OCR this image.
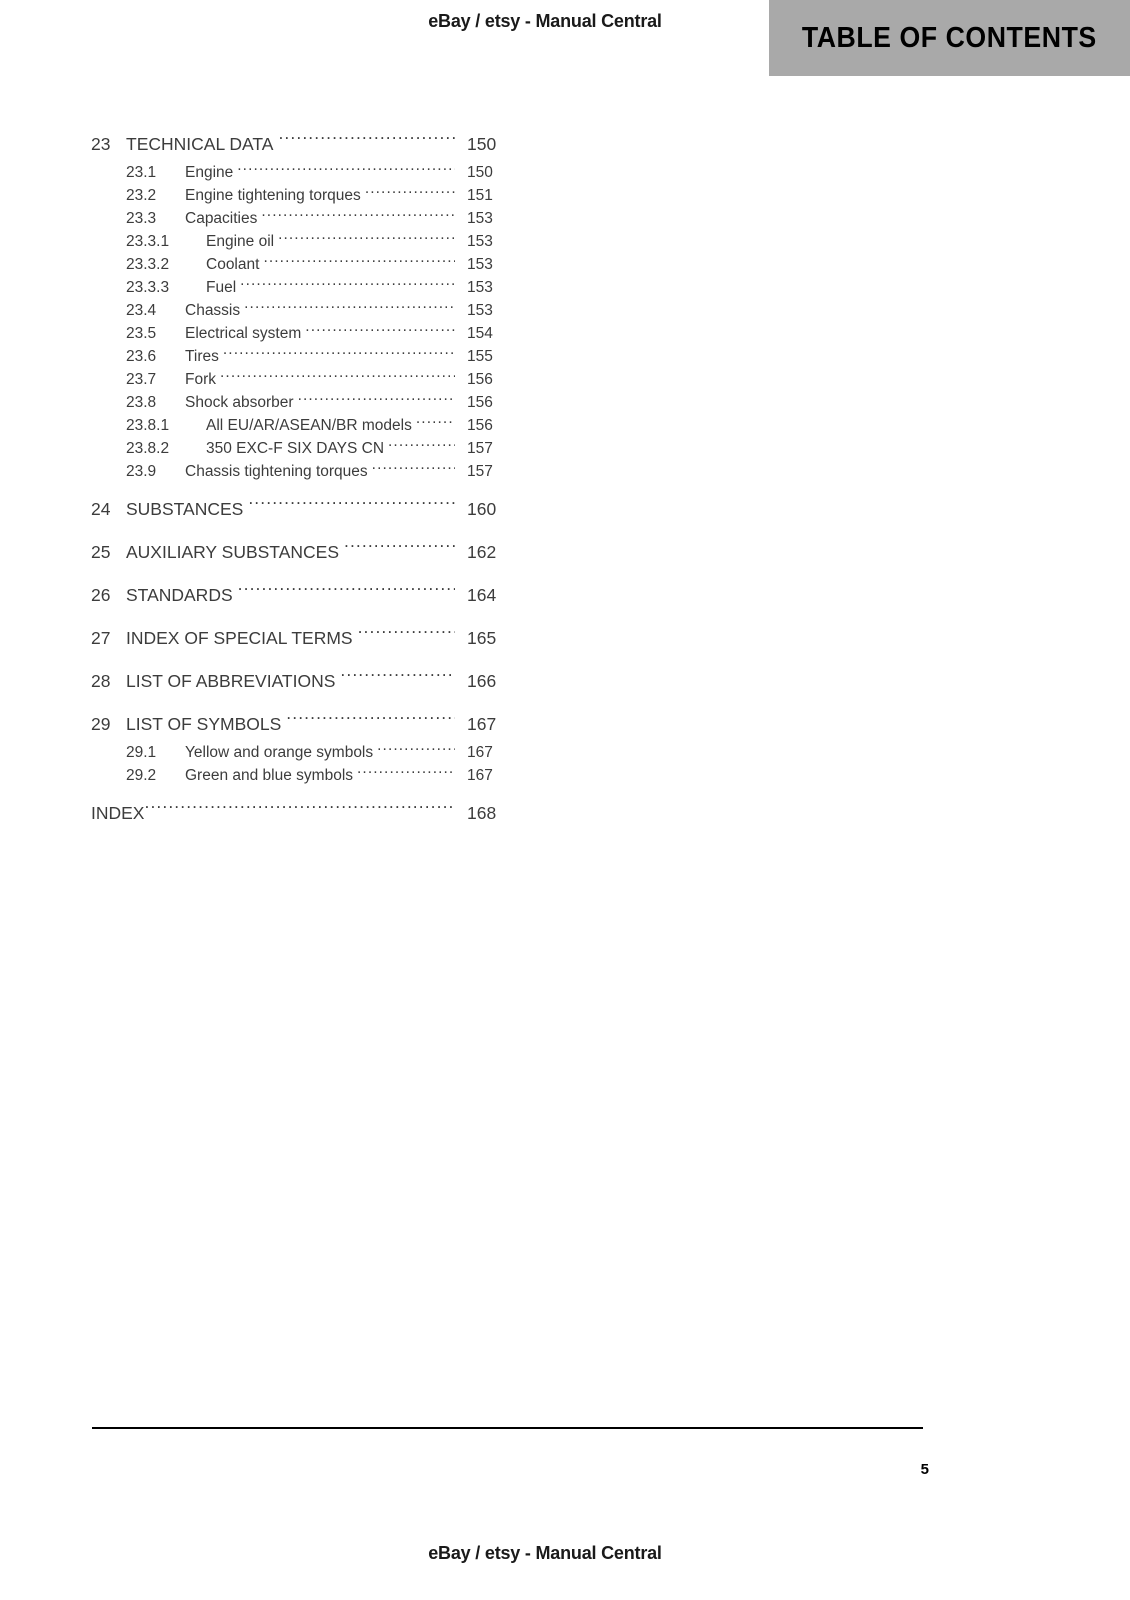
eBay / etsy - Manual Central
TABLE OF CONTENTS
23 TECHNICAL DATA .....	150
23.1	Engine .....	150
23.2	Engine tightening torques .....	151
23.3	Capacities .....	153
23.3.1	Engine oil .....	153
23.3.2	Coolant .....	153
23.3.3	Fuel .....	153
23.4	Chassis .....	153
23.5	Electrical system .....	154
23.6	Tires .....	155
23.7	Fork .....	156
23.8	Shock absorber .....	156
23.8.1	All EU/AR/ASEAN/BR models .....	156
23.8.2	350 EXC-F SIX DAYS CN .....	157
23.9	Chassis tightening torques .....	157
24 SUBSTANCES .....	160
25 AUXILIARY SUBSTANCES .....	162
26 STANDARDS .....	164
27 INDEX OF SPECIAL TERMS .....	165
28 LIST OF ABBREVIATIONS .....	166
29 LIST OF SYMBOLS .....	167
29.1	Yellow and orange symbols .....	167
29.2	Green and blue symbols .....	167
INDEX .....	168
5
eBay / etsy - Manual Central
